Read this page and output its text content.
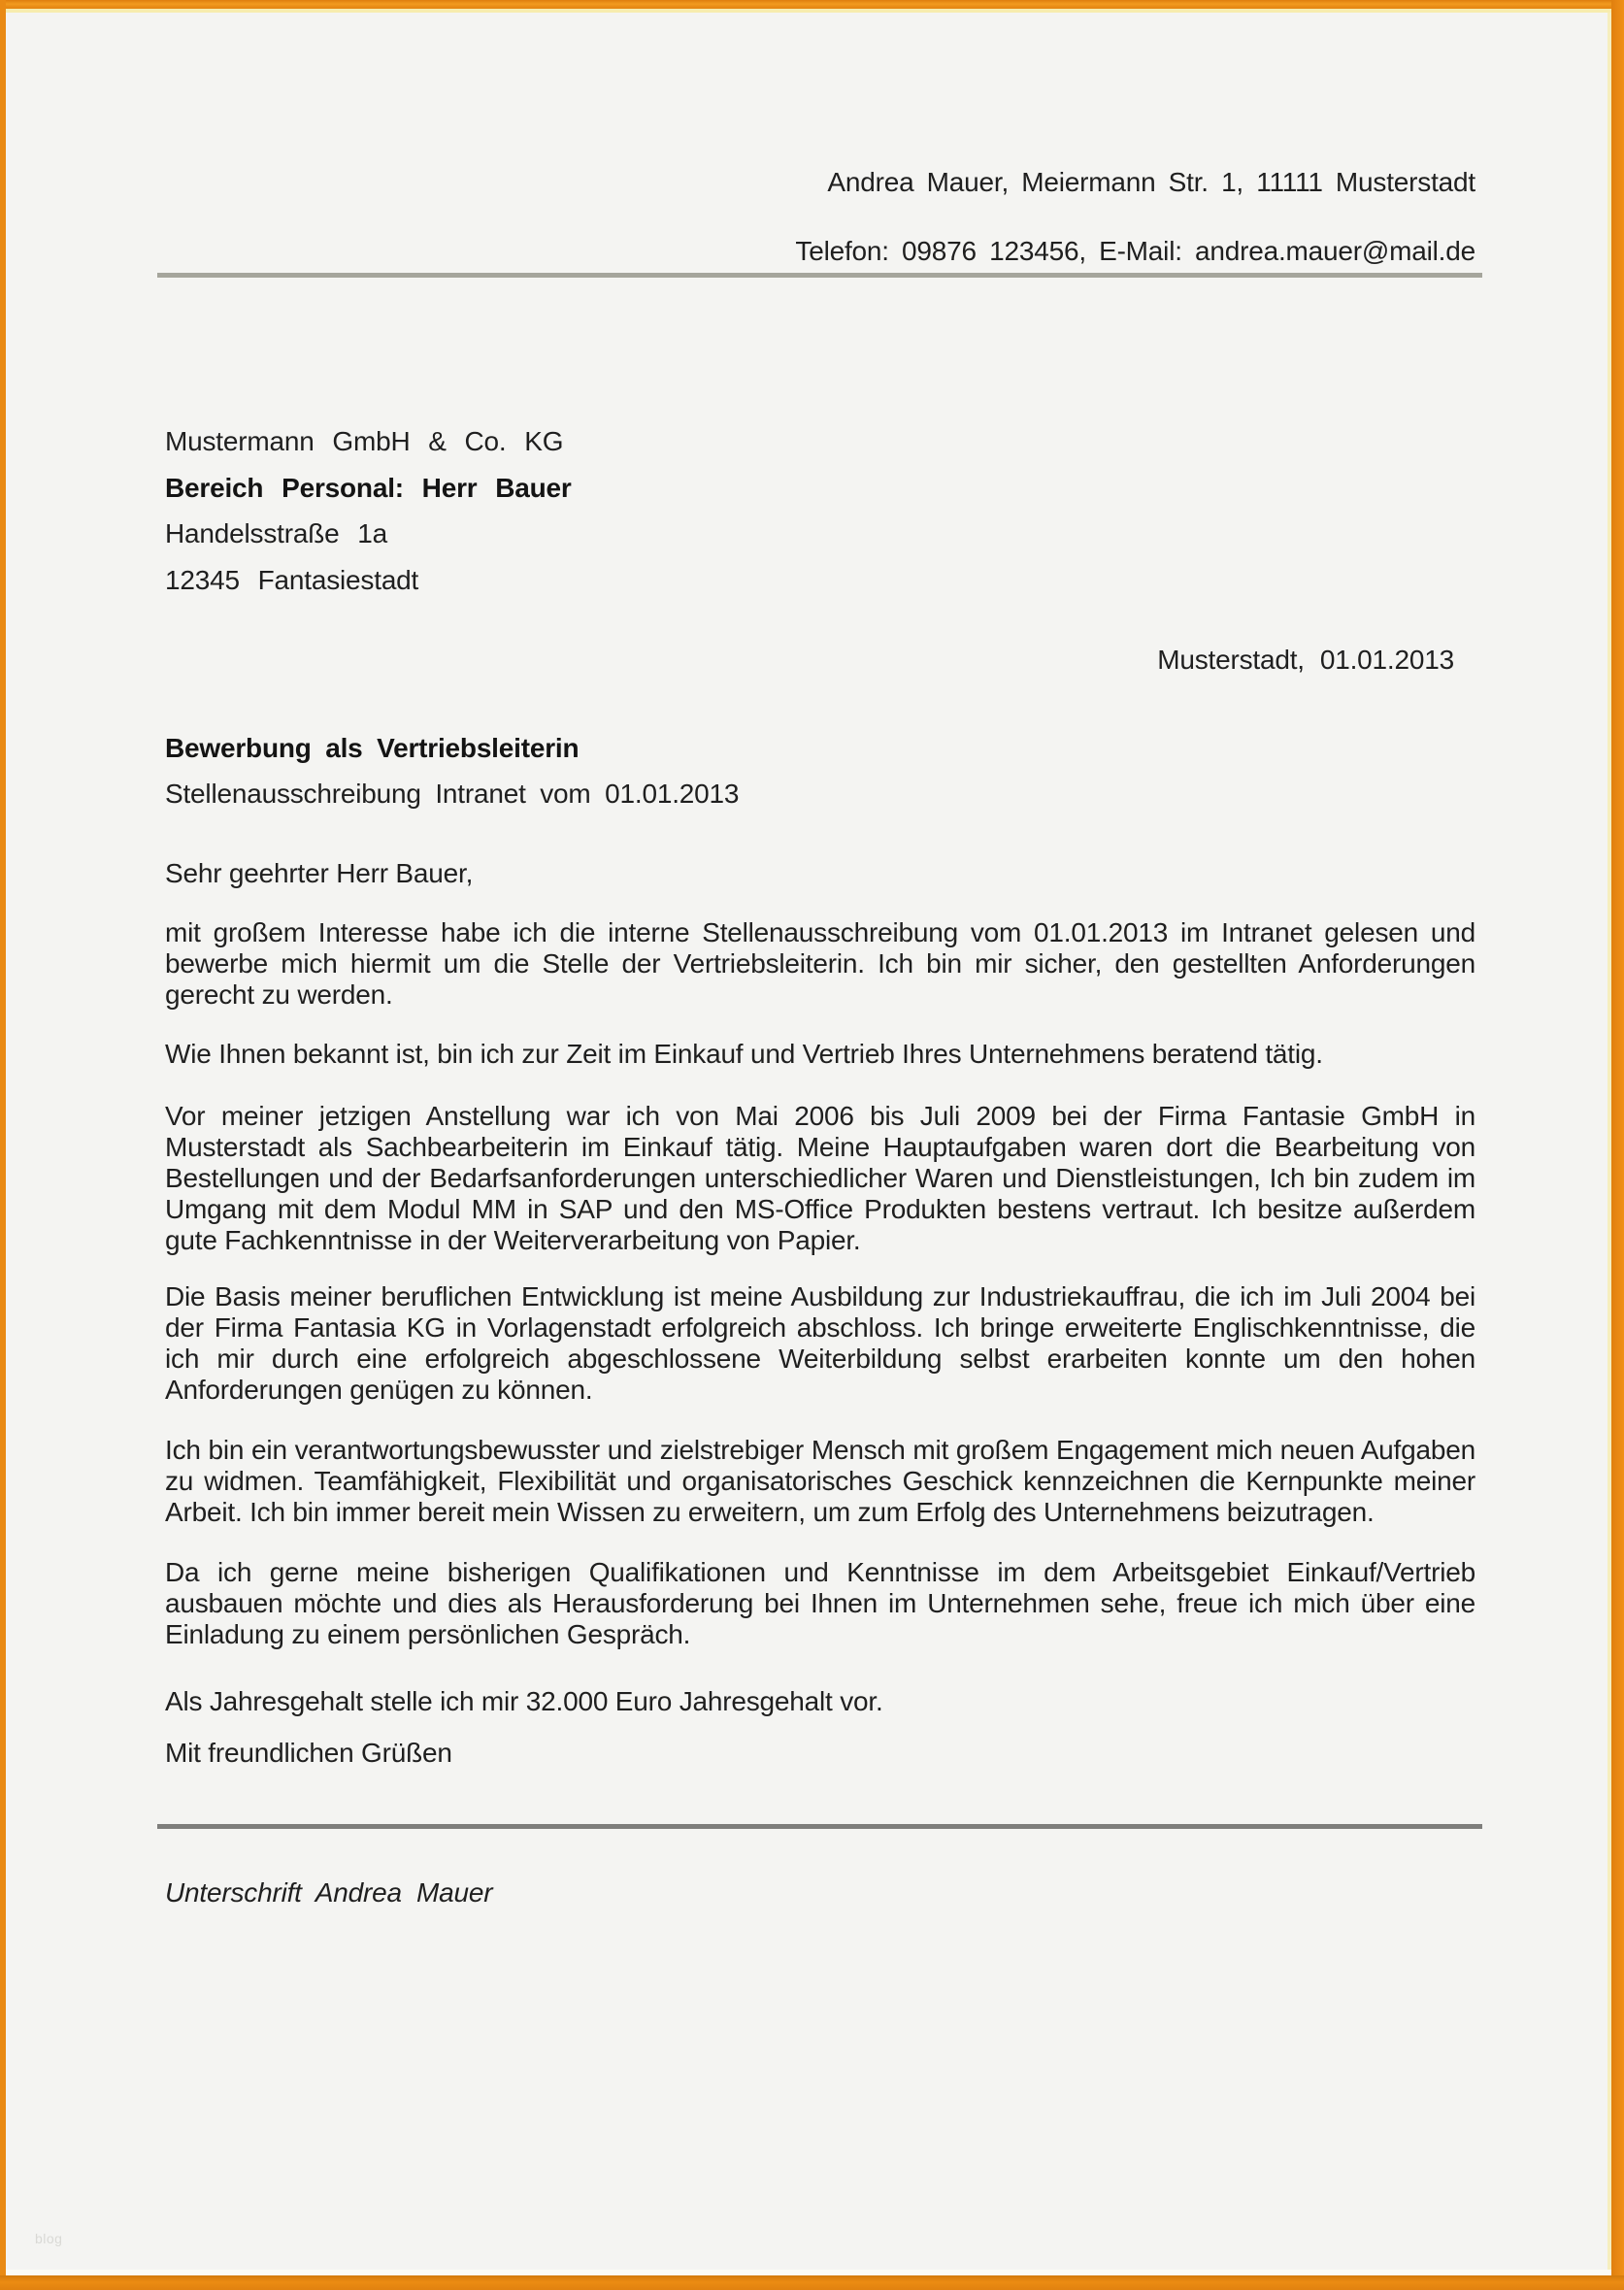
Andrea Mauer, Meiermann Str. 1, 11111 Musterstadt
Telefon: 09876 123456, E-Mail: andrea.mauer@mail.de
Mustermann GmbH & Co. KG
Bereich Personal: Herr Bauer
Handelsstraße 1a
12345 Fantasiestadt
Musterstadt, 01.01.2013
Bewerbung als Vertriebsleiterin
Stellenausschreibung Intranet vom 01.01.2013
Sehr geehrter Herr Bauer,

mit großem Interesse habe ich die interne Stellenausschreibung vom 01.01.2013 im Intranet gelesen und bewerbe mich hiermit um die Stelle der Vertriebsleiterin. Ich bin mir sicher, den gestellten Anforderungen gerecht zu werden.

Wie Ihnen bekannt ist, bin ich zur Zeit im Einkauf und Vertrieb Ihres Unternehmens beratend tätig.

Vor meiner jetzigen Anstellung war ich von Mai 2006 bis Juli 2009 bei der Firma Fantasie GmbH in Musterstadt als Sachbearbeiterin im Einkauf tätig. Meine Hauptaufgaben waren dort die Bearbeitung von Bestellungen und der Bedarfsanforderungen unterschiedlicher Waren und Dienstleistungen, Ich bin zudem im Umgang mit dem Modul MM in SAP und den MS-Office Produkten bestens vertraut. Ich besitze außerdem gute Fachkenntnisse in der Weiterverarbeitung von Papier.

Die Basis meiner beruflichen Entwicklung ist meine Ausbildung zur Industriekauffrau, die ich im Juli 2004 bei der Firma Fantasia KG in Vorlagenstadt erfolgreich abschloss. Ich bringe erweiterte Englischkenntnisse, die ich mir durch eine erfolgreich abgeschlossene Weiterbildung selbst erarbeiten konnte um den hohen Anforderungen genügen zu können.

Ich bin ein verantwortungsbewusster und zielstrebiger Mensch mit großem Engagement mich neuen Aufgaben zu widmen. Teamfähigkeit, Flexibilität und organisatorisches Geschick kennzeichnen die Kernpunkte meiner Arbeit. Ich bin immer bereit mein Wissen zu erweitern, um zum Erfolg des Unternehmens beizutragen.

Da ich gerne meine bisherigen Qualifikationen und Kenntnisse im dem Arbeitsgebiet Einkauf/Vertrieb ausbauen möchte und dies als Herausforderung bei Ihnen im Unternehmen sehe, freue ich mich über eine Einladung zu einem persönlichen Gespräch.

Als Jahresgehalt stelle ich mir 32.000 Euro Jahresgehalt vor.

Mit freundlichen Grüßen
Unterschrift Andrea  Mauer
blog
